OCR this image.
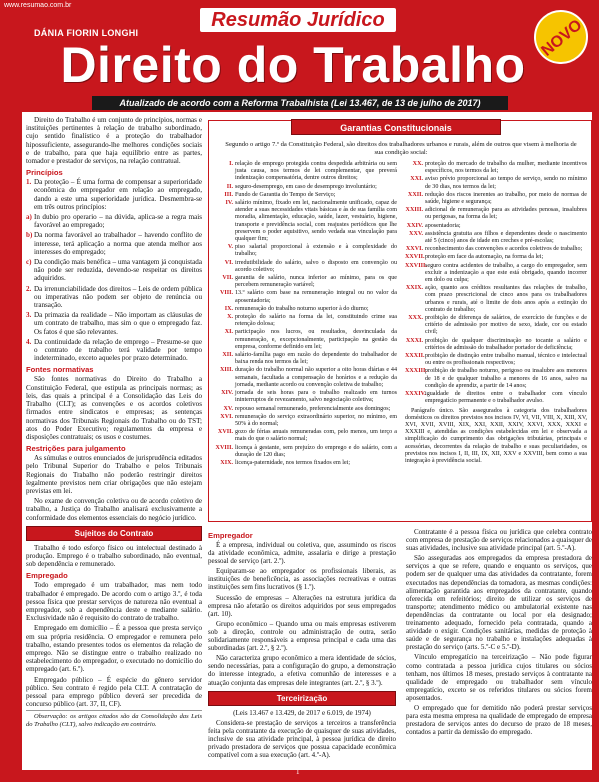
www.resumao.com.br
DÁNIA FIORIN LONGHI
Resumão Jurídico
Direito do Trabalho
Atualizado de acordo com a Reforma Trabalhista (Lei 13.467, de 13 de julho de 2017)
NOVO

Direito do Trabalho é um conjunto de princípios, normas e instituições pertinentes à relação de trabalho subordinado, cujo sentido finalístico é a proteção do trabalhador hipossuficiente, assegurando-lhe melhores condições sociais e de trabalho, para que haja equilíbrio entre as partes, tomador e prestador de serviços, na relação contratual.

Princípios

1. Da proteção – É uma forma de compensar a superioridade econômica do empregador em relação ao empregado, dando a este uma superioridade jurídica. Desmembra-se em três outros princípios:

a) In dubio pro operario – na dúvida, aplica-se a regra mais favorável ao empregado;

b) Da norma favorável ao trabalhador – havendo conflito de interesse, terá aplicação a norma que atenda melhor aos interesses do empregado;

c) Da condição mais benéfica – uma vantagem já conquistada não pode ser reduzida, devendo-se respeitar os direitos adquiridos.

2. Da irrenunciabilidade dos direitos – Leis de ordem pública ou imperativas não podem ser objeto de renúncia ou transação.

3. Da primazia da realidade – Não importam as cláusulas de um contrato de trabalho, mas sim o que o empregado faz. Os fatos é que são relevantes.

4. Da continuidade da relação de emprego – Presume-se que o contrato de trabalho terá validade por tempo indeterminado, exceto aqueles por prazo determinado.

Fontes normativas

São fontes normativas do Direito do Trabalho a Constituição Federal, que estipula as principais normas; as leis, das quais a principal é a Consolidação das Leis do Trabalho (CLT); as convenções e os acordos coletivos firmados entre sindicatos e empresas; as sentenças normativas dos Tribunais Regionais do Trabalho ou do TST; atos do Poder Executivo; regulamentos da empresa e disposições contratuais; os usos e costumes.

Restrições para julgamento

As súmulas e outros enunciados de jurisprudência editados pelo Tribunal Superior do Trabalho e pelos Tribunais Regionais do Trabalho não poderão restringir direitos legalmente previstos nem criar obrigações que não estejam previstas em lei.

No exame de convenção coletiva ou de acordo coletivo de trabalho, a Justiça do Trabalho analisará exclusivamente a conformidade dos elementos essenciais do negócio jurídico.

Sujeitos do Contrato

Trabalho é todo esforço físico ou intelectual destinado à produção. Emprego é o trabalho subordinado, não eventual, sob dependência e remunerado.

Empregado

Todo empregado é um trabalhador, mas nem todo trabalhador é empregado. De acordo com o artigo 3.º, é toda pessoa física que prestar serviços de natureza não eventual a empregador, sob a dependência deste e mediante salário. Exclusividade não é requisito do contrato de trabalho.

Empregado em domicílio – É a pessoa que presta serviço em sua própria residência. O empregador e remunera pelo trabalho, estando presentes todos os elementos da relação de emprego. Não se distingue entre o trabalho realizado no estabelecimento do empregador, o executado no domicílio do empregado (art. 6.º).

Empregado público – É espécie do gênero servidor público. Seu contrato é regido pela CLT. A contratação de pessoal para emprego público deverá ser precedida de concurso público (art. 37, II, CF).

Observação: os artigos citados são da Consolidação das Leis do Trabalho (CLT), salvo indicação em contrário.

Garantias Constitucionais
Segundo o artigo 7.º da Constituição Federal, são direitos dos trabalhadores urbanos e rurais, além de outros que visem à melhoria de sua condição social:
I. relação de emprego protegida contra despedida arbitrária ou sem justa causa, nos termos de lei complementar, que preverá indenização compensatória, dentre outros direitos;
II. seguro-desemprego, em caso de desemprego involuntário;
III. Fundo de Garantia do Tempo de Serviço;
IV. salário mínimo, fixado em lei, nacionalmente unificado, capaz de atender a suas necessidades vitais básicas e às de sua família com moradia, alimentação, educação, saúde, lazer, vestuário, higiene, transporte e previdência social, com reajustes periódicos que lhe preservem o poder aquisitivo, sendo vedada sua vinculação para qualquer fim;
V. piso salarial proporcional à extensão e à complexidade do trabalho;
VI. irredutibilidade do salário, salvo o disposto em convenção ou acordo coletivo;
VII. garantia de salário, nunca inferior ao mínimo, para os que percebem remuneração variável;
VIII. 13.º salário com base na remuneração integral ou no valor da aposentadoria;
IX. remuneração do trabalho noturno superior à do diurno;
X. proteção do salário na forma da lei, constituindo crime sua retenção dolosa;
XI. participação nos lucros, ou resultados, desvinculada da remuneração, e, excepcionalmente, participação na gestão da empresa, conforme definido em lei;
XII. salário-família pago em razão do dependente do trabalhador de baixa renda nos termos da lei;
XIII. duração do trabalho normal não superior a oito horas diárias e 44 semanais, facultada a compensação de horários e a redução da jornada, mediante acordo ou convenção coletiva de trabalho;
XIV. jornada de seis horas para o trabalho realizado em turnos ininterruptos de revezamento, salvo negociação coletiva;
XV. repouso semanal remunerado, preferencialmente aos domingos;
XVI. remuneração do serviço extraordinário superior, no mínimo, em 50% à do normal;
XVII. gozo de férias anuais remuneradas com, pelo menos, um terço a mais do que o salário normal;
XVIII. licença à gestante, sem prejuízo do emprego e do salário, com a duração de 120 dias;
XIX. licença-paternidade, nos termos fixados em lei;
XX. proteção do mercado de trabalho da mulher, mediante incentivos específicos, nos termos da lei;
XXI. aviso prévio proporcional ao tempo de serviço, sendo no mínimo de 30 dias, nos termos da lei;
XXII. redução dos riscos inerentes ao trabalho, por meio de normas de saúde, higiene e segurança;
XXIII. adicional de remuneração para as atividades penosas, insalubres ou perigosas, na forma da lei;
XXIV. aposentadoria;
XXV. assistência gratuita aos filhos e dependentes desde o nascimento até 5 (cinco) anos de idade em creches e pré-escolas;
XXVI. reconhecimento das convenções e acordos coletivos de trabalho;
XXVII. proteção em face da automação, na forma da lei;
XXVIII.
seguro contra acidentes de trabalho, a cargo do empregador, sem excluir a indenização a que este está obrigado, quando incorrer em dolo ou culpa;
XXIX. ação, quanto aos créditos resultantes das relações de trabalho, com prazo prescricional de cinco anos para os trabalhadores urbanos e rurais, até o limite de dois anos após a extinção do contrato de trabalho;
XXX. proibição de diferença de salários, de exercício de funções e de critério de admissão por motivo de sexo, idade, cor ou estado civil;
XXXI. proibição de qualquer discriminação no tocante a salário e critérios de admissão do trabalhador portador de deficiência;
XXXII. proibição de distinção entre trabalho manual, técnico e intelectual ou entre os profissionais respectivos;
XXXIII.
proibição de trabalho noturno, perigoso ou insalubre aos menores de 18 e de qualquer trabalho a menores de 16 anos, salvo na condição de aprendiz, a partir de 14 anos;
XXXIV. igualdade de direitos entre o trabalhador com vínculo empregatício permanente e o trabalhador avulso.

Parágrafo único. São assegurados à categoria dos trabalhadores domésticos os direitos previstos nos incisos IV, VI, VII, VIII, X, XIII, XV, XVI, XVII, XVIII, XIX, XXI, XXII, XXIV, XXVI, XXX, XXXI e XXXIII e, atendidas as condições estabelecidas em lei e observada a simplificação do cumprimento das obrigações tributárias, principais e acessórias, decorrentes da relação de trabalho e suas peculiaridades, os previstos nos incisos I, II, III, IX, XII, XXV e XXVIII, bem como a sua integração à previdência social.

Empregador

É a empresa, individual ou coletiva, que, assumindo os riscos da atividade econômica, admite, assalaria e dirige a prestação pessoal de serviço (art. 2.º).

Equiparam-se ao empregador os profissionais liberais, as instituições de beneficência, as associações recreativas e outras instituições sem fins lucrativos (§ 1.º).

Sucessão de empresas – Alterações na estrutura jurídica da empresa não afetarão os direitos adquiridos por seus empregados (art. 10).

Grupo econômico – Quando uma ou mais empresas estiverem sob a direção, controle ou administração de outra, serão solidariamente responsáveis a empresa principal e cada uma das subordinadas (art. 2.º, § 2.º).

Não caracteriza grupo econômico a mera identidade de sócios, sendo necessárias, para a configuração do grupo, a demonstração do interesse integrado, a efetiva comunhão de interesses e a atuação conjunta das empresas dele integrantes (art. 2.º, § 3.º).

Terceirização

(Leis 13.467 e 13.429, de 2017 e 6.019, de 1974)

Considera-se prestação de serviços a terceiros a transferência feita pela contratante da execução de quaisquer de suas atividades, inclusive de sua atividade principal, à pessoa jurídica de direito privado prestadora de serviços que possua capacidade econômica compatível com a sua execução (art. 4.º-A).

Contratante é a pessoa física ou jurídica que celebra contrato com empresa de prestação de serviços relacionados a quaisquer de suas atividades, inclusive sua atividade principal (art. 5.º-A).

São asseguradas aos empregados da empresa prestadora de serviços a que se refere, quando e enquanto os serviços, que podem ser de qualquer uma das atividades da contratante, forem executados nas dependências da tomadora, as mesmas condições: alimentação garantida aos empregados da contratante, quando oferecida em refeitórios; direito de utilizar os serviços de transporte; atendimento médico ou ambulatorial existente nas dependências da contratante ou local por ela designado; treinamento adequado, fornecido pela contratada, quando a atividade o exigir. Condições sanitárias, medidas de proteção à saúde e de segurança no trabalho e instalações adequadas à prestação do serviço (arts. 5.º-C e 5.º-D).

Vínculo empregatício na terceirização – Não pode figurar como contratada a pessoa jurídica cujos titulares ou sócios tenham, nos últimos 18 meses, prestado serviços à contratante na qualidade de empregado ou trabalhador sem vínculo empregatício, exceto se os referidos titulares ou sócios forem aposentados.

O empregado que for demitido não poderá prestar serviços para esta mesma empresa na qualidade de empregado de empresa prestadora de serviços antes do decurso de prazo de 18 meses, contados a partir da demissão do empregado.

1
